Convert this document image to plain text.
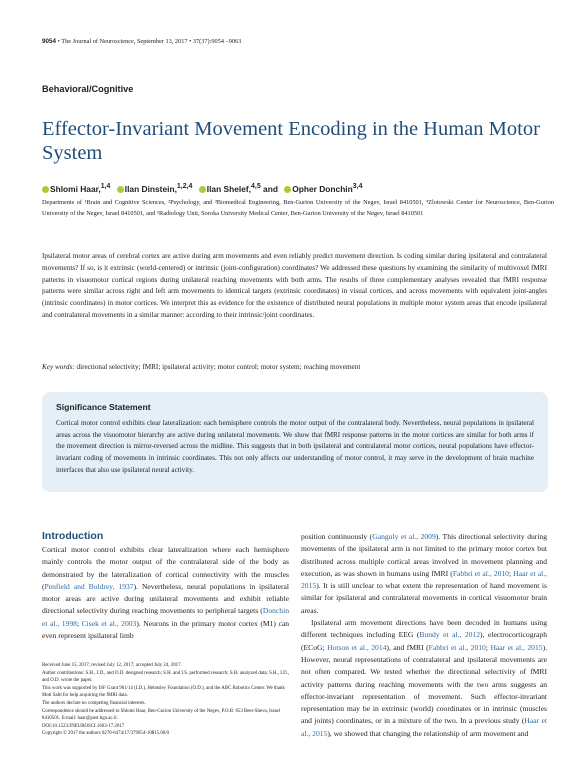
9054 • The Journal of Neuroscience, September 13, 2017 • 37(37):9054 –9063
Behavioral/Cognitive
Effector-Invariant Movement Encoding in the Human Motor System
Shlomi Haar,$^{1,4}$ Ilan Dinstein,$^{1,2,4}$ Ilan Shelef,$^{4,5}$ and Opher Donchin$^{3,4}$
Departments of ¹Brain and Cognitive Sciences, ²Psychology, and ³Biomedical Engineering, Ben-Gurion University of the Negev, Israel 8410501, ⁴Zlotowski Center for Neuroscience, Ben-Gurion University of the Negev, Israel 8410501, and ⁵Radiology Unit, Soroka University Medical Center, Ben-Gurion University of the Negev, Israel 8410501
Ipsilateral motor areas of cerebral cortex are active during arm movements and even reliably predict movement direction. Is coding similar during ipsilateral and contralateral movements? If so, is it extrinsic (world-centered) or intrinsic (joint-configuration) coordinates? We addressed these questions by examining the similarity of multivoxel fMRI patterns in visuomotor cortical regions during unilateral reaching movements with both arms. The results of three complementary analyses revealed that fMRI response patterns were similar across right and left arm movements to identical targets (extrinsic coordinates) in visual cortices, and across movements with equivalent joint-angles (intrinsic coordinates) in motor cortices. We interpret this as evidence for the existence of distributed neural populations in multiple motor system areas that encode ipsilateral and contralateral movements in a similar manner: according to their intrinsic/joint coordinates.
Key words: directional selectivity; fMRI; ipsilateral activity; motor control; motor system; reaching movement
Significance Statement
Cortical motor control exhibits clear lateralization: each hemisphere controls the motor output of the contralateral body. Nevertheless, neural populations in ipsilateral areas across the visuomotor hierarchy are active during unilateral movements. We show that fMRI response patterns in the motor cortices are similar for both arms if the movement direction is mirror-reversed across the midline. This suggests that in both ipsilateral and contralateral motor cortices, neural populations have effector-invariant coding of movements in intrinsic coordinates. This not only affects our understanding of motor control, it may serve in the development of brain machine interfaces that also use ipsilateral neural activity.
Introduction

Cortical motor control exhibits clear lateralization where each hemisphere mainly controls the motor output of the contralateral side of the body as demonstrated by the lateralization of cortical connectivity with the muscles (Penfield and Boldrey, 1937). Nevertheless, neural populations in ipsilateral motor areas are active during unilateral movements and exhibit reliable directional selectivity during reaching movements to peripheral targets (Donchin et al., 1998; Cisek et al., 2003). Neurons in the primary motor cortex (M1) can even represent ipsilateral limb

position continuously (Ganguly et al., 2009). This directional selectivity during movements of the ipsilateral arm is not limited to the primary motor cortex but distributed across multiple cortical areas involved in movement planning and execution, as was shown in humans using fMRI (Fabbri et al., 2010; Haar et al., 2015). It is still unclear to what extent the representation of hand movement is similar for ipsilateral and contralateral movements in cortical visuomotor brain areas.

Ipsilateral arm movement directions have been decoded in humans using different techniques including EEG (Bundy et al., 2012), electrocorticograph (ECoG; Hotson et al., 2014), and fMRI (Fabbri et al., 2010; Haar et al., 2015). However, neural representations of contralateral and ipsilateral movements are not often compared. We tested whether the directional selectivity of fMRI activity patterns during reaching movements with the two arms suggests an effector-invariant representation of movement. Such effector-invariant representation may be in extrinsic (world) coordinates or in intrinsic (muscles and joints) coordinates, or in a mixture of the two. In a previous study (Haar et al., 2015), we showed that changing the relationship of arm movement and

Received June 15, 2017; revised July 12, 2017; accepted July 24, 2017.
Author contributions: S.H., I.D., and O.D. designed research; S.H. and I.S. performed research; S.H. analyzed data; S.H., I.D., and O.D. wrote the paper.
This work was supported by ISF Grant 961/14 (I.D.), Helmsley Foundation (O.D.), and the ABC Robotics Center. We thank Moti Salti for help acquiring the fMRI data.
The authors declare no competing financial interests.
Correspondence should be addressed to Shlomi Haar, Ben-Gurion University of the Negev, P.O.B. 653 Beer-Sheva, Israel 8410501. E-mail: haar@post.bgu.ac.il.
DOI:10.1523/JNEUROSCI.1663-17.2017
Copyright © 2017 the authors 0270-6474/17/379054-10$15.00/0
